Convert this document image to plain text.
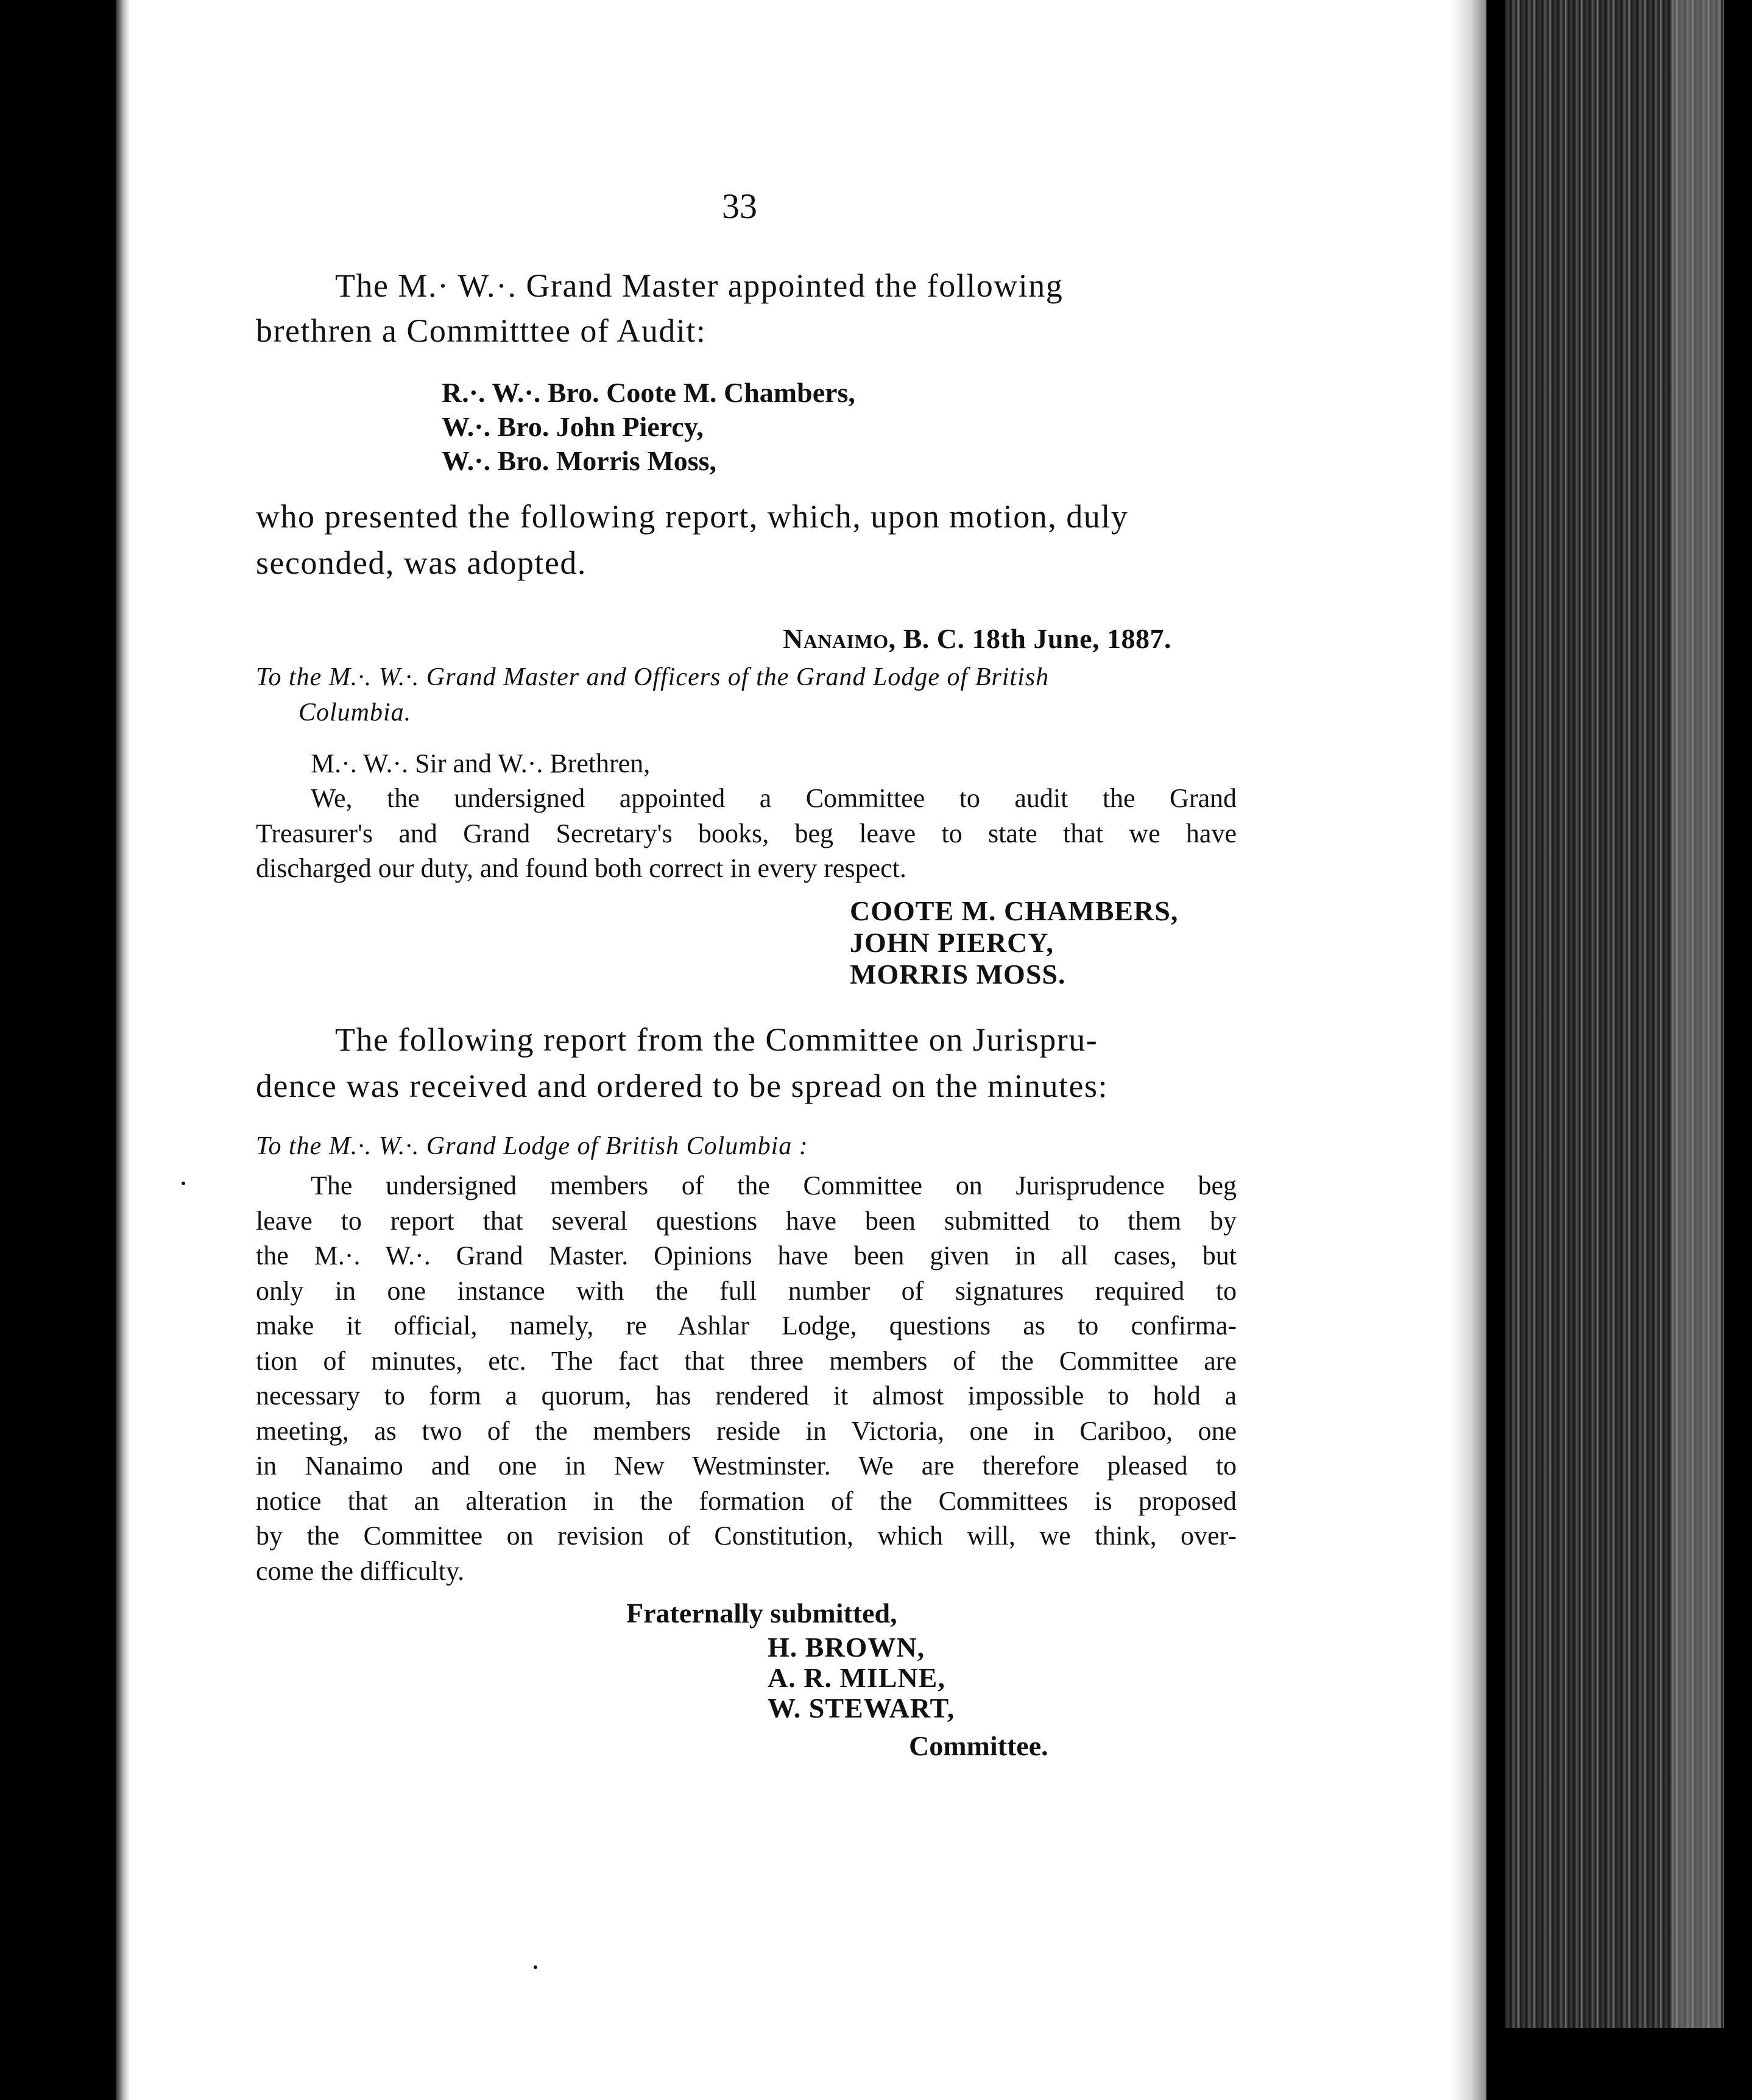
33

The M.· W.·. Grand Master appointed the following

brethren a Committtee of Audit:

R.·. W.·. Bro. Coote M. Chambers,

W.·. Bro. John Piercy,

W.·. Bro. Morris Moss,

who presented the following report, which, upon motion, duly

seconded, was adopted.

Nanaimo, B. C. 18th June, 1887.

To the M.·. W.·. Grand Master and Officers of the Grand Lodge of British

Columbia.

M.·. W.·. Sir and W.·. Brethren,

We, the undersigned appointed a Committee to audit the Grand
Treasurer's and Grand Secretary's books, beg leave to state that we have
discharged our duty, and found both correct in every respect.
COOTE M. CHAMBERS,
JOHN PIERCY,
MORRIS MOSS.

The following report from the Committee on Jurispru-

dence was received and ordered to be spread on the minutes:

To the M.·. W.·. Grand Lodge of British Columbia :

The undersigned members of the Committee on Jurisprudence beg
leave to report that several questions have been submitted to them by
the M.·. W.·. Grand Master. Opinions have been given in all cases, but
only in one instance with the full number of signatures required to
make it official, namely, re Ashlar Lodge, questions as to confirma-
tion of minutes, etc. The fact that three members of the Committee are
necessary to form a quorum, has rendered it almost impossible to hold a
meeting, as two of the members reside in Victoria, one in Cariboo, one
in Nanaimo and one in New Westminster. We are therefore pleased to
notice that an alteration in the formation of the Committees is proposed
by the Committee on revision of Constitution, which will, we think, over-
come the difficulty.

Fraternally submitted,

H. BROWN,
A. R. MILNE,
W. STEWART,

Committee.
